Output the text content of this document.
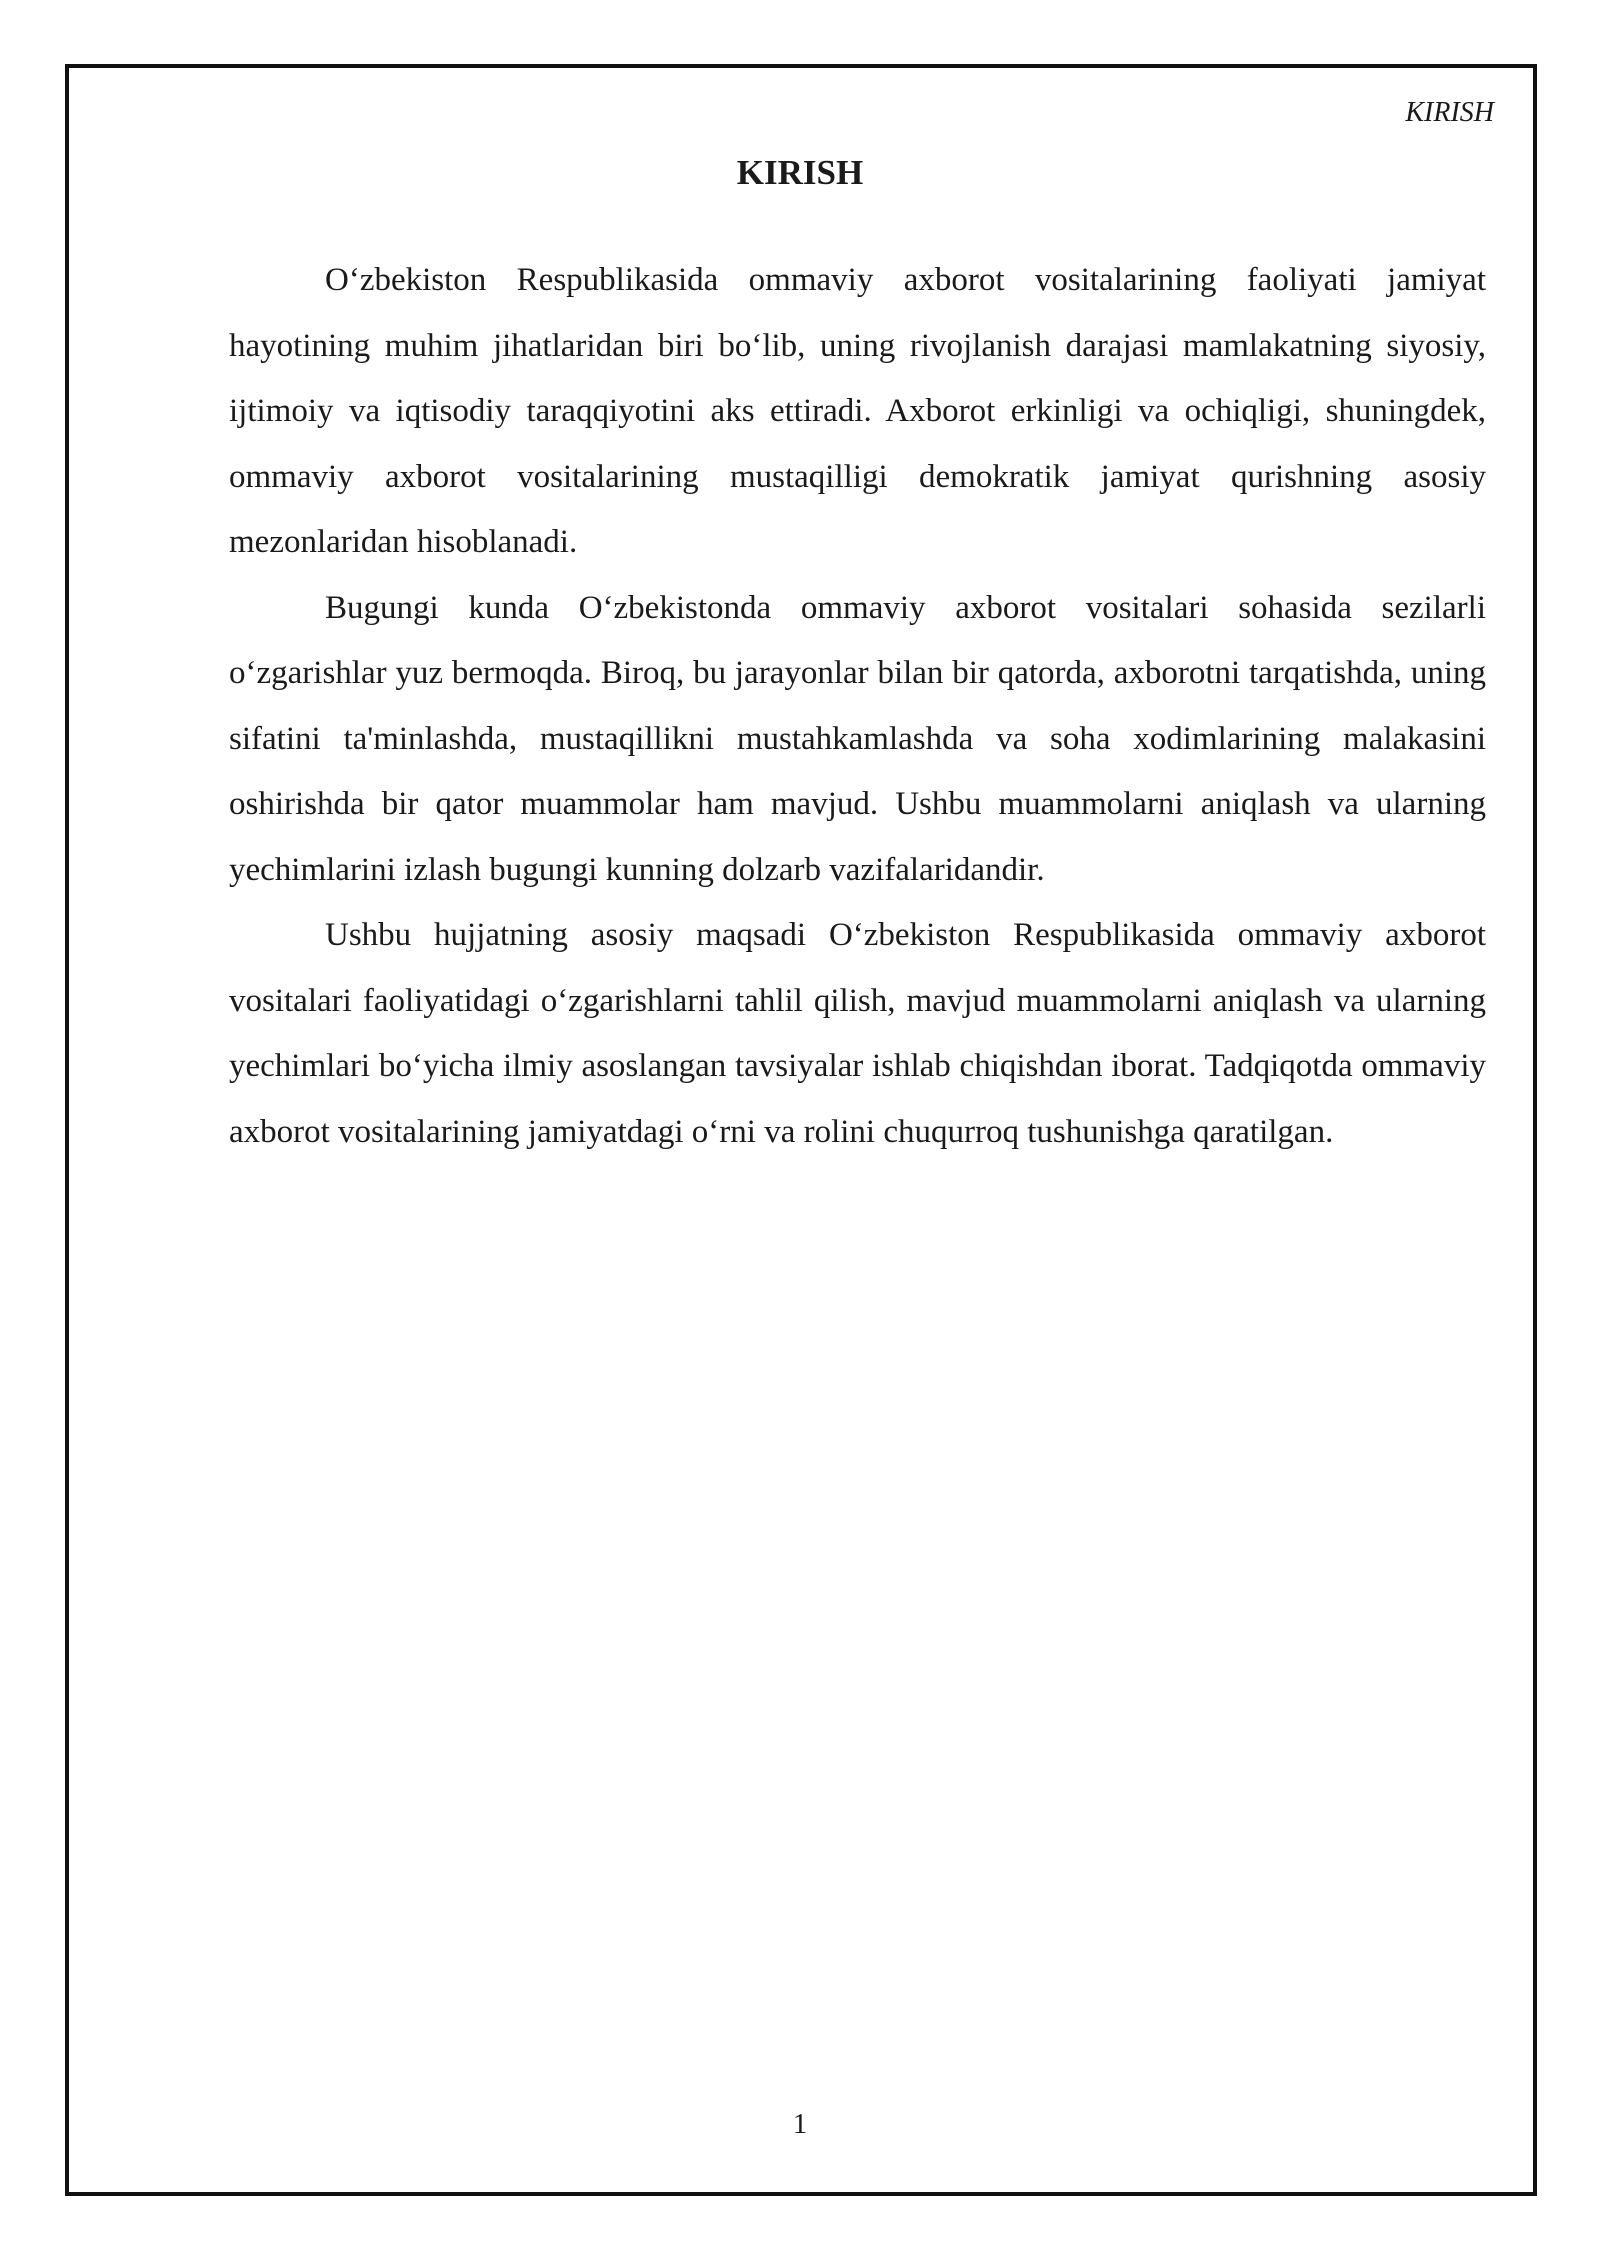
KIRISH
KIRISH

O‘zbekiston Respublikasida ommaviy axborot vositalarining faoliyati jamiyat hayotining muhim jihatlaridan biri bo‘lib, uning rivojlanish darajasi mamlakatning siyosiy, ijtimoiy va iqtisodiy taraqqiyotini aks ettiradi. Axborot erkinligi va ochiqligi, shuningdek, ommaviy axborot vositalarining mustaqilligi demokratik jamiyat qurishning asosiy mezonlaridan hisoblanadi.

Bugungi kunda O‘zbekistonda ommaviy axborot vositalari sohasida sezilarli o‘zgarishlar yuz bermoqda. Biroq, bu jarayonlar bilan bir qatorda, axborotni tarqatishda, uning sifatini ta'minlashda, mustaqillikni mustahkamlashda va soha xodimlarining malakasini oshirishda bir qator muammolar ham mavjud. Ushbu muammolarni aniqlash va ularning yechimlarini izlash bugungi kunning dolzarb vazifalaridandir.

Ushbu hujjatning asosiy maqsadi O‘zbekiston Respublikasida ommaviy axborot vositalari faoliyatidagi o‘zgarishlarni tahlil qilish, mavjud muammolarni aniqlash va ularning yechimlari bo‘yicha ilmiy asoslangan tavsiyalar ishlab chiqishdan iborat. Tadqiqotda ommaviy axborot vositalarining jamiyatdagi o‘rni va rolini chuqurroq tushunishga qaratilgan.

1
